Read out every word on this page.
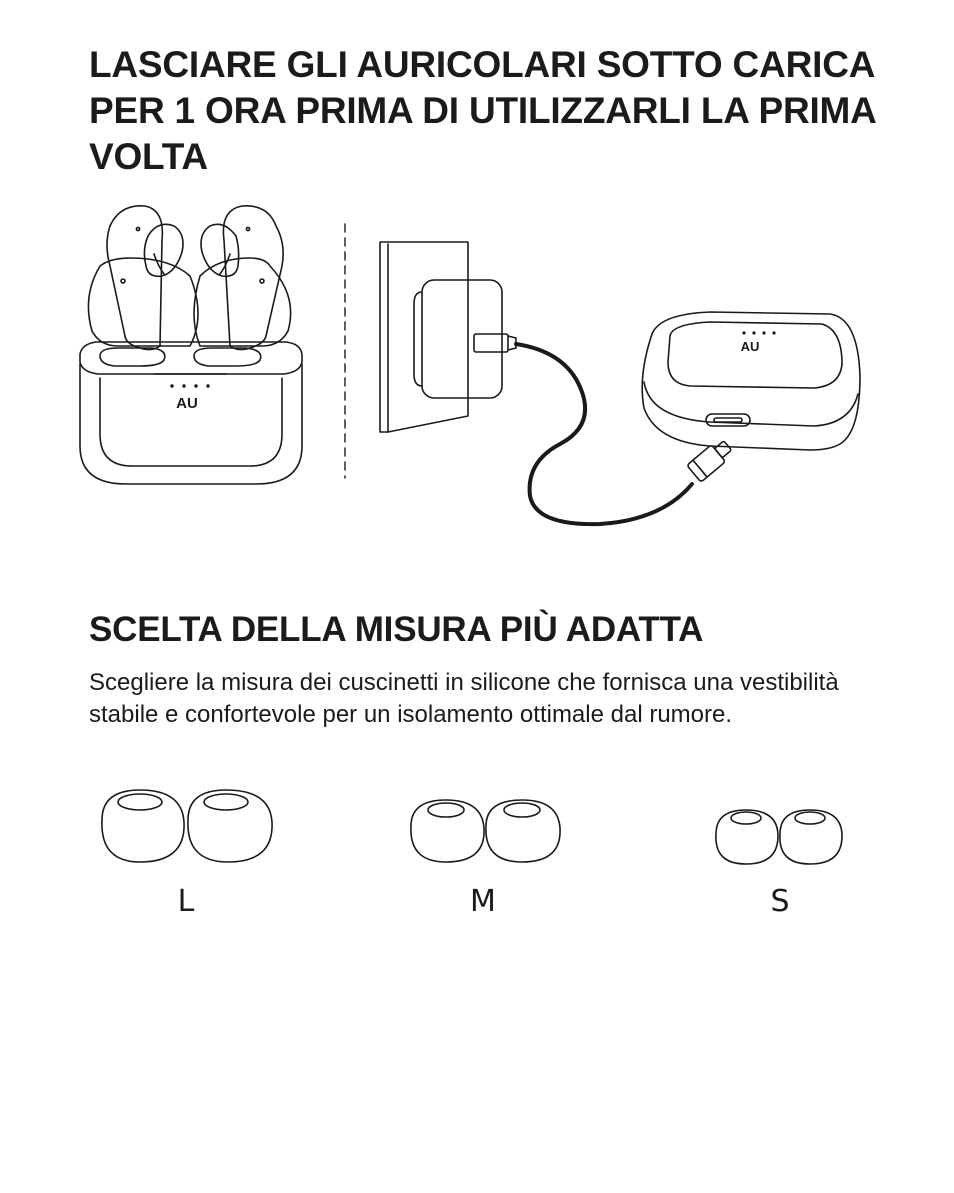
LASCIARE GLI AURICOLARI SOTTO CARICA PER 1 ORA PRIMA DI UTILIZZARLI LA PRIMA VOLTA
AU
AU
SCELTA DELLA MISURA PIÙ ADATTA

Scegliere la misura dei cuscinetti in silicone che fornisca una vestibilità stabile e confortevole per un isolamento ottimale dal rumore.

L	M	S
